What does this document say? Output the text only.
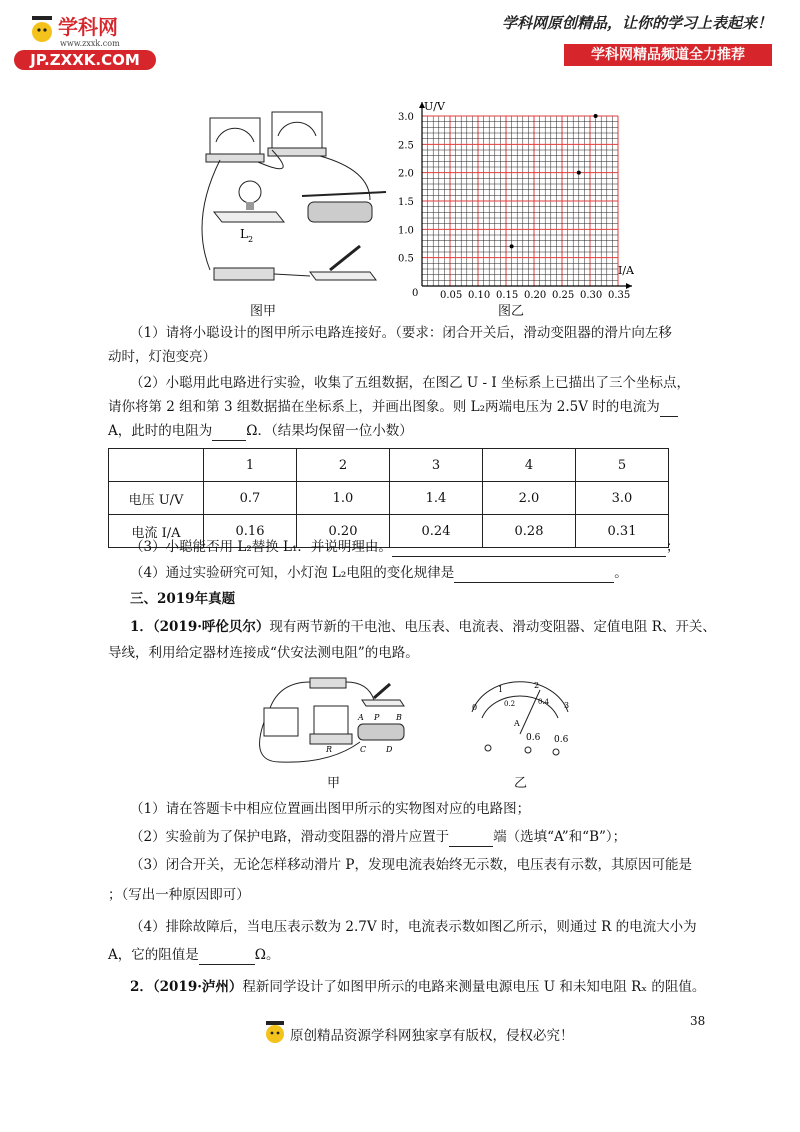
学科网
www.zxxk.com
JP.ZXXK.COM
学科网原创精品，让你的学习上表起来！
学科网精品频道全力推荐
L 2
图甲
3.0
2.5
2.0
1.5
1.0
0.5
0.05 0.10 0.15 0.20 0.25 0.30 0.35
U/V
I/A
0
图乙
（1）请将小聪设计的图甲所示电路连接好。（要求：闭合开关后，滑动变阻器的滑片向左移
动时，灯泡变亮）
（2）小聪用此电路进行实验，收集了五组数据，在图乙 U - I 坐标系上已描出了三个坐标点，
请你将第 2 组和第 3 组数据描在坐标系上，并画出图象。则 L₂两端电压为 2.5V 时的电流为
A，此时的电阻为	Ω．（结果均保留一位小数）
	1	2	3	4	5
电压 U/V	0.7	1.0	1.4	2.0	3.0
电流 I/A	0.16	0.20	0.24	0.28	0.31
（3）小聪能否用 L₂替换 L₁．并说明理由。	；
（4）通过实验研究可知，小灯泡 L₂电阻的变化规律是	。
三、2019年真题
1．（2019·呼伦贝尔）现有两节新的干电池、电压表、电流表、滑动变阻器、定值电阻 R、开关、
导线，利用给定器材连接成“伏安法测电阻”的电路。
A	B
C D
P
R
甲
0
1	2
3
0.2	0.4
0.6 0.6
A
乙
（1）请在答题卡中相应位置画出图甲所示的实物图对应的电路图；
（2）实验前为了保护电路，滑动变阻器的滑片应置于	端（选填“A”和“B”）；
（3）闭合开关，无论怎样移动滑片 P，发现电流表始终无示数，电压表有示数，其原因可能是
；（写出一种原因即可）
（4）排除故障后，当电压表示数为 2.7V 时，电流表示数如图乙所示，则通过 R 的电流大小为
A，它的阻值是	Ω。
2．（2019·泸州）程新同学设计了如图甲所示的电路来测量电源电压 U 和未知电阻 Rₓ 的阻值。
38
原创精品资源学科网独家享有版权，侵权必究！
